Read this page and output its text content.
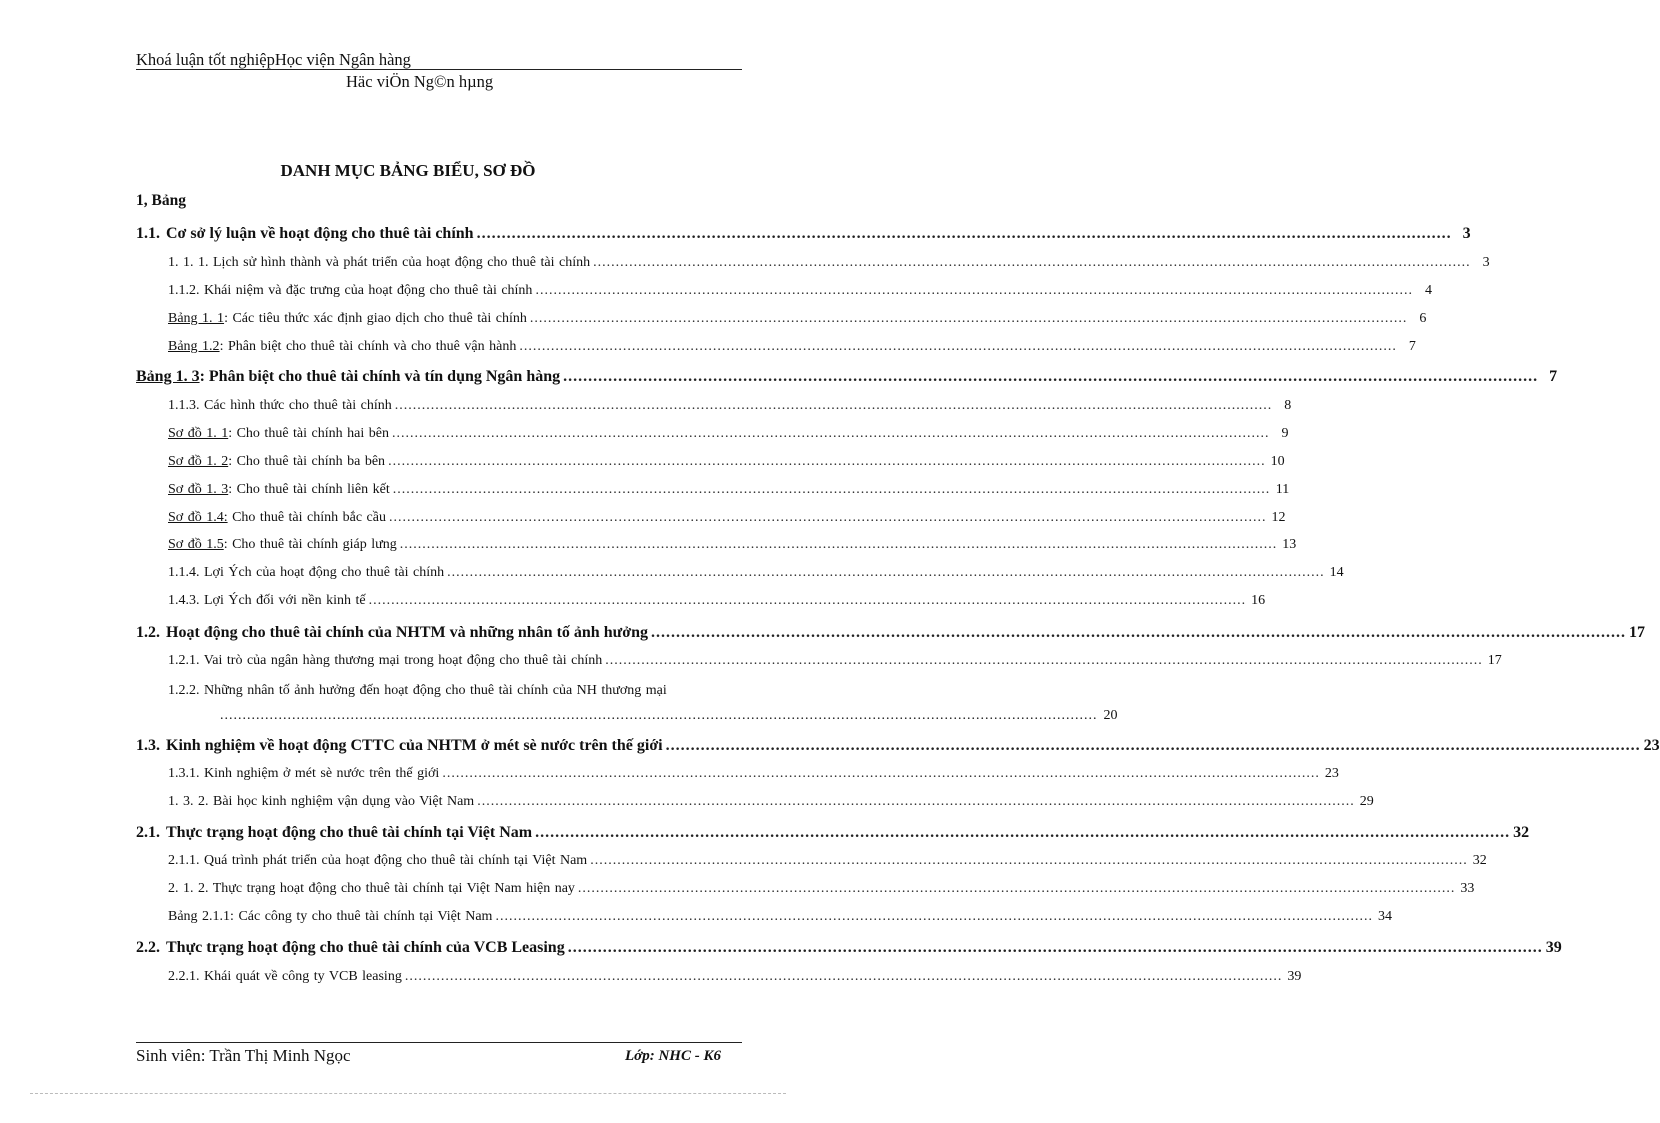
Khoá luận tốt nghiệpHọc viện Ngân hàng
Häc viÖn Ng©n hµng
DANH MỤC BẢNG BIỂU, SƠ ĐỒ
1, Bảng
1.1. Cơ sở lý luận về hoạt động cho thuê tài chính ................................................................................................................................................................................................... 3
1. 1. 1. Lịch sử hình thành và phát triển của hoạt động cho thuê tài chính ................................................................................................................................................................................................... 3
1.1.2. Khái niệm và đặc trưng của hoạt động cho thuê tài chính ................................................................................................................................................................................................... 4
Bảng 1. 1: Các tiêu thức xác định giao dịch cho thuê tài chính ................................................................................................................................................................................................... 6
Bảng 1.2: Phân biệt cho thuê tài chính và cho thuê vận hành ................................................................................................................................................................................................... 7
Bảng 1. 3: Phân biệt cho thuê tài chính và tín dụng Ngân hàng ................................................................................................................................................................................................... 7
1.1.3. Các hình thức cho thuê tài chính ................................................................................................................................................................................................... 8
Sơ đồ 1. 1: Cho thuê tài chính hai bên ................................................................................................................................................................................................... 9
Sơ đồ 1. 2: Cho thuê tài chính ba bên ................................................................................................................................................................................................... 10
Sơ đồ 1. 3: Cho thuê tài chính liên kết ................................................................................................................................................................................................... 11
Sơ đồ 1.4: Cho thuê tài chính bắc cầu ................................................................................................................................................................................................... 12
Sơ đồ 1.5: Cho thuê tài chính giáp lưng ................................................................................................................................................................................................... 13
1.1.4. Lợi Ých của hoạt động cho thuê tài chính ................................................................................................................................................................................................... 14
1.4.3. Lợi Ých đối với nền kinh tế ................................................................................................................................................................................................... 16
1.2. Hoạt động cho thuê tài chính của NHTM và những nhân tố ảnh hưởng ................................................................................................................................................................................................... 17
1.2.1. Vai trò của ngân hàng thương mại trong hoạt động cho thuê tài chính ................................................................................................................................................................................................... 17
1.2.2. Những nhân tố ảnh hưởng đến hoạt động cho thuê tài chính của NH thương mại
................................................................................................................................................................................................... 20
1.3. Kinh nghiệm về hoạt động CTTC của NHTM ở mét sè nước trên thế giới ................................................................................................................................................................................................... 23
1.3.1. Kinh nghiệm ở mét sè nước trên thế giới ................................................................................................................................................................................................... 23
1. 3. 2. Bài học kinh nghiệm vận dụng vào Việt Nam ................................................................................................................................................................................................... 29
2.1. Thực trạng hoạt động cho thuê tài chính tại Việt Nam ................................................................................................................................................................................................... 32
2.1.1. Quá trình phát triển của hoạt động cho thuê tài chính tại Việt Nam ................................................................................................................................................................................................... 32
2. 1. 2. Thực trạng hoạt động cho thuê tài chính tại Việt Nam hiện nay ................................................................................................................................................................................................... 33
Bảng 2.1.1: Các công ty cho thuê tài chính tại Việt Nam ................................................................................................................................................................................................... 34
2.2. Thực trạng hoạt động cho thuê tài chính của VCB Leasing ................................................................................................................................................................................................... 39
2.2.1. Khái quát về công ty VCB leasing ................................................................................................................................................................................................... 39
Sinh viên: Trần Thị Minh Ngọc	Lớp: NHC - K6
